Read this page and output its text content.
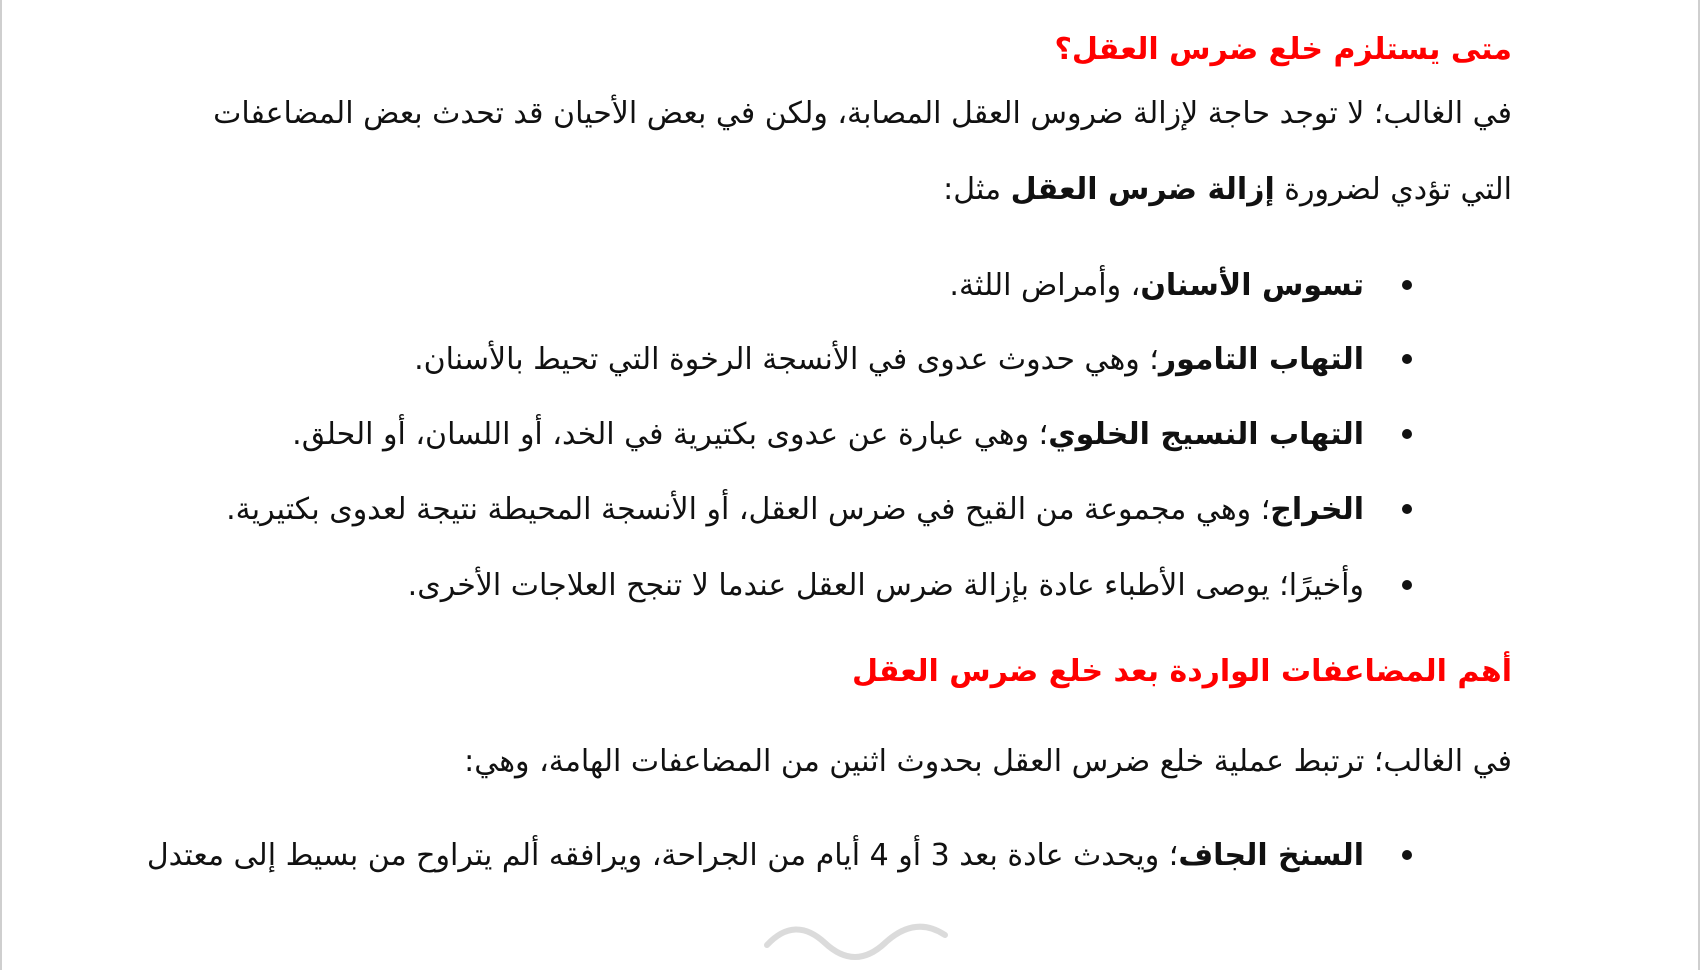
متى يستلزم خلع ضرس العقل؟
في الغالب؛ لا توجد حاجة لإزالة ضروس العقل المصابة، ولكن في بعض الأحيان قد تحدث بعض المضاعفات
التي تؤدي لضرورة إزالة ضرس العقل مثل:
تسوس الأسنان، وأمراض اللثة.
التهاب التامور؛ وهي حدوث عدوى في الأنسجة الرخوة التي تحيط بالأسنان.
التهاب النسيج الخلوي؛ وهي عبارة عن عدوى بكتيرية في الخد، أو اللسان، أو الحلق.
الخراج؛ وهي مجموعة من القيح في ضرس العقل، أو الأنسجة المحيطة نتيجة لعدوى بكتيرية.
وأخيرًا؛ يوصى الأطباء عادة بإزالة ضرس العقل عندما لا تنجح العلاجات الأخرى.
أهم المضاعفات الواردة بعد خلع ضرس العقل
في الغالب؛ ترتبط عملية خلع ضرس العقل بحدوث اثنين من المضاعفات الهامة، وهي:
السنخ الجاف؛ ويحدث عادة بعد 3 أو 4 أيام من الجراحة، ويرافقه ألم يتراوح من بسيط إلى معتدل
